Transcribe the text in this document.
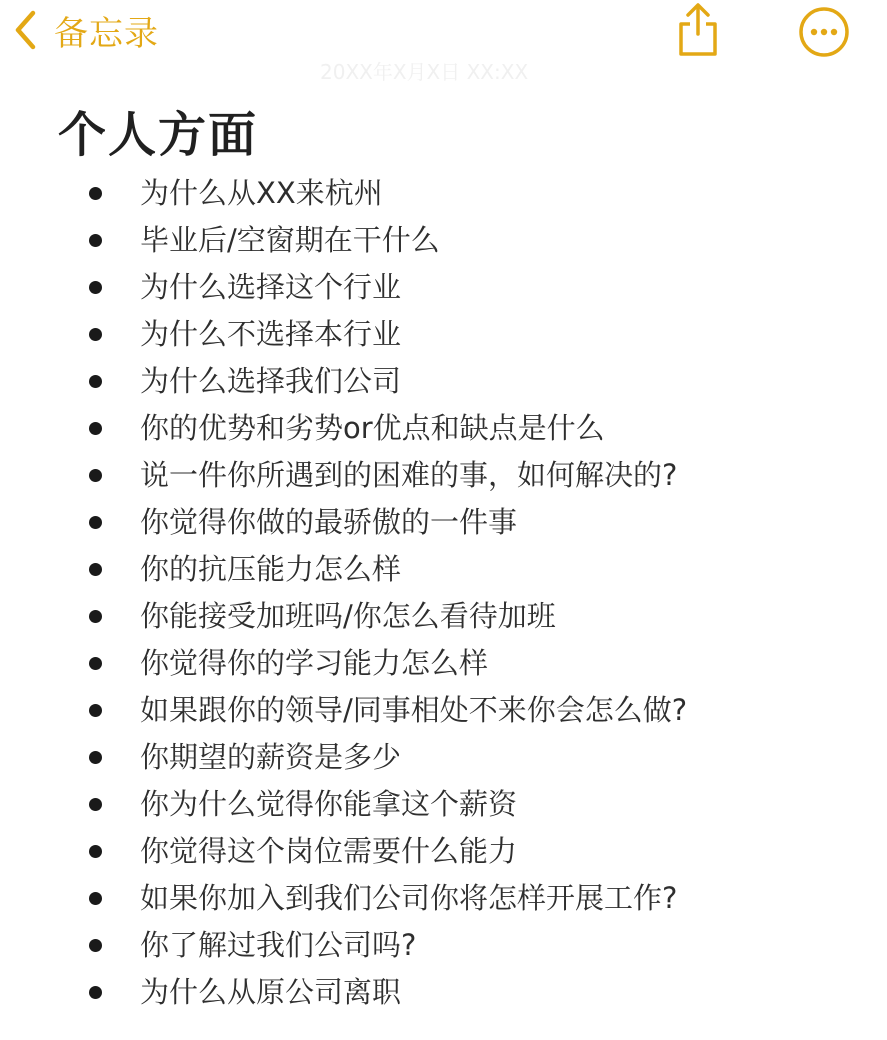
备忘录
20XX年X月X日 XX:XX
个人方面
为什么从XX来杭州
毕业后/空窗期在干什么
为什么选择这个行业
为什么不选择本行业
为什么选择我们公司
你的优势和劣势or优点和缺点是什么
说一件你所遇到的困难的事，如何解决的?
你觉得你做的最骄傲的一件事
你的抗压能力怎么样
你能接受加班吗/你怎么看待加班
你觉得你的学习能力怎么样
如果跟你的领导/同事相处不来你会怎么做?
你期望的薪资是多少
你为什么觉得你能拿这个薪资
你觉得这个岗位需要什么能力
如果你加入到我们公司你将怎样开展工作?
你了解过我们公司吗?
为什么从原公司离职
